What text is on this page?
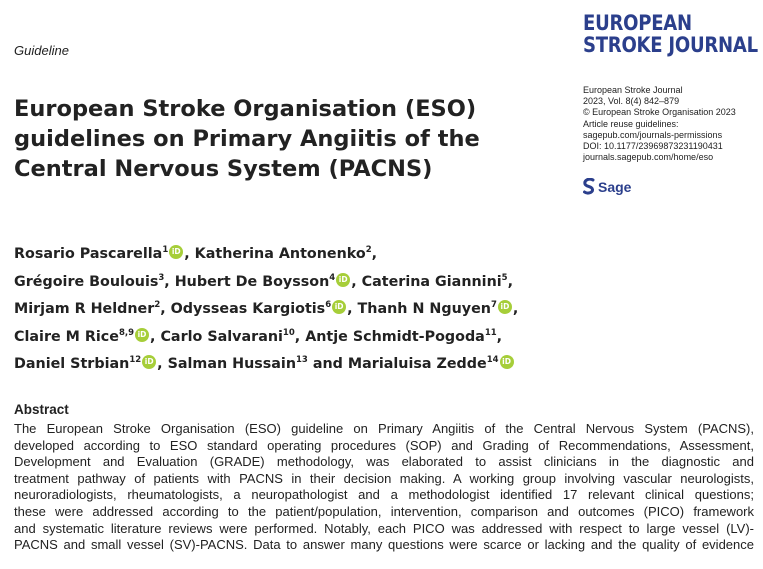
Guideline
EUROPEAN
STROKE JOURNAL
European Stroke Journal
2023, Vol. 8(4) 842–879
© European Stroke Organisation 2023
Article reuse guidelines:
sagepub.com/journals-permissions
DOI: 10.1177/23969873231190431
journals.sagepub.com/home/eso
Sage
European Stroke Organisation (ESO)
guidelines on Primary Angiitis of the
Central Nervous System (PACNS)
Rosario Pascarella$^1$ iD , Katherina Antonenko$^2$,
Grégoire Boulouis$^3$, Hubert De Boysson$^4$ iD , Caterina Giannini$^5$,
Mirjam R Heldner$^2$, Odysseas Kargiotis$^6$ iD , Thanh N Nguyen$^7$ iD ,
Claire M Rice$^{8,9}$ iD , Carlo Salvarani$^{10}$, Antje Schmidt-Pogoda$^{11}$,
Daniel Strbian$^{12}$ iD , Salman Hussain$^{13}$ and Marialuisa Zedde$^{14}$iD
Abstract
The European Stroke Organisation (ESO) guideline on Primary Angiitis of the Central Nervous System (PACNS),
developed according to ESO standard operating procedures (SOP) and Grading of Recommendations, Assessment,
Development and Evaluation (GRADE) methodology, was elaborated to assist clinicians in the diagnostic and
treatment pathway of patients with PACNS in their decision making. A working group involving vascular neurologists,
neuroradiologists, rheumatologists, a neuropathologist and a methodologist identified 17 relevant clinical questions;
these were addressed according to the patient/population, intervention, comparison and outcomes (PICO) framework
and systematic literature reviews were performed. Notably, each PICO was addressed with respect to large vessel (LV)-
PACNS and small vessel (SV)-PACNS. Data to answer many questions were scarce or lacking and the quality of evidence
